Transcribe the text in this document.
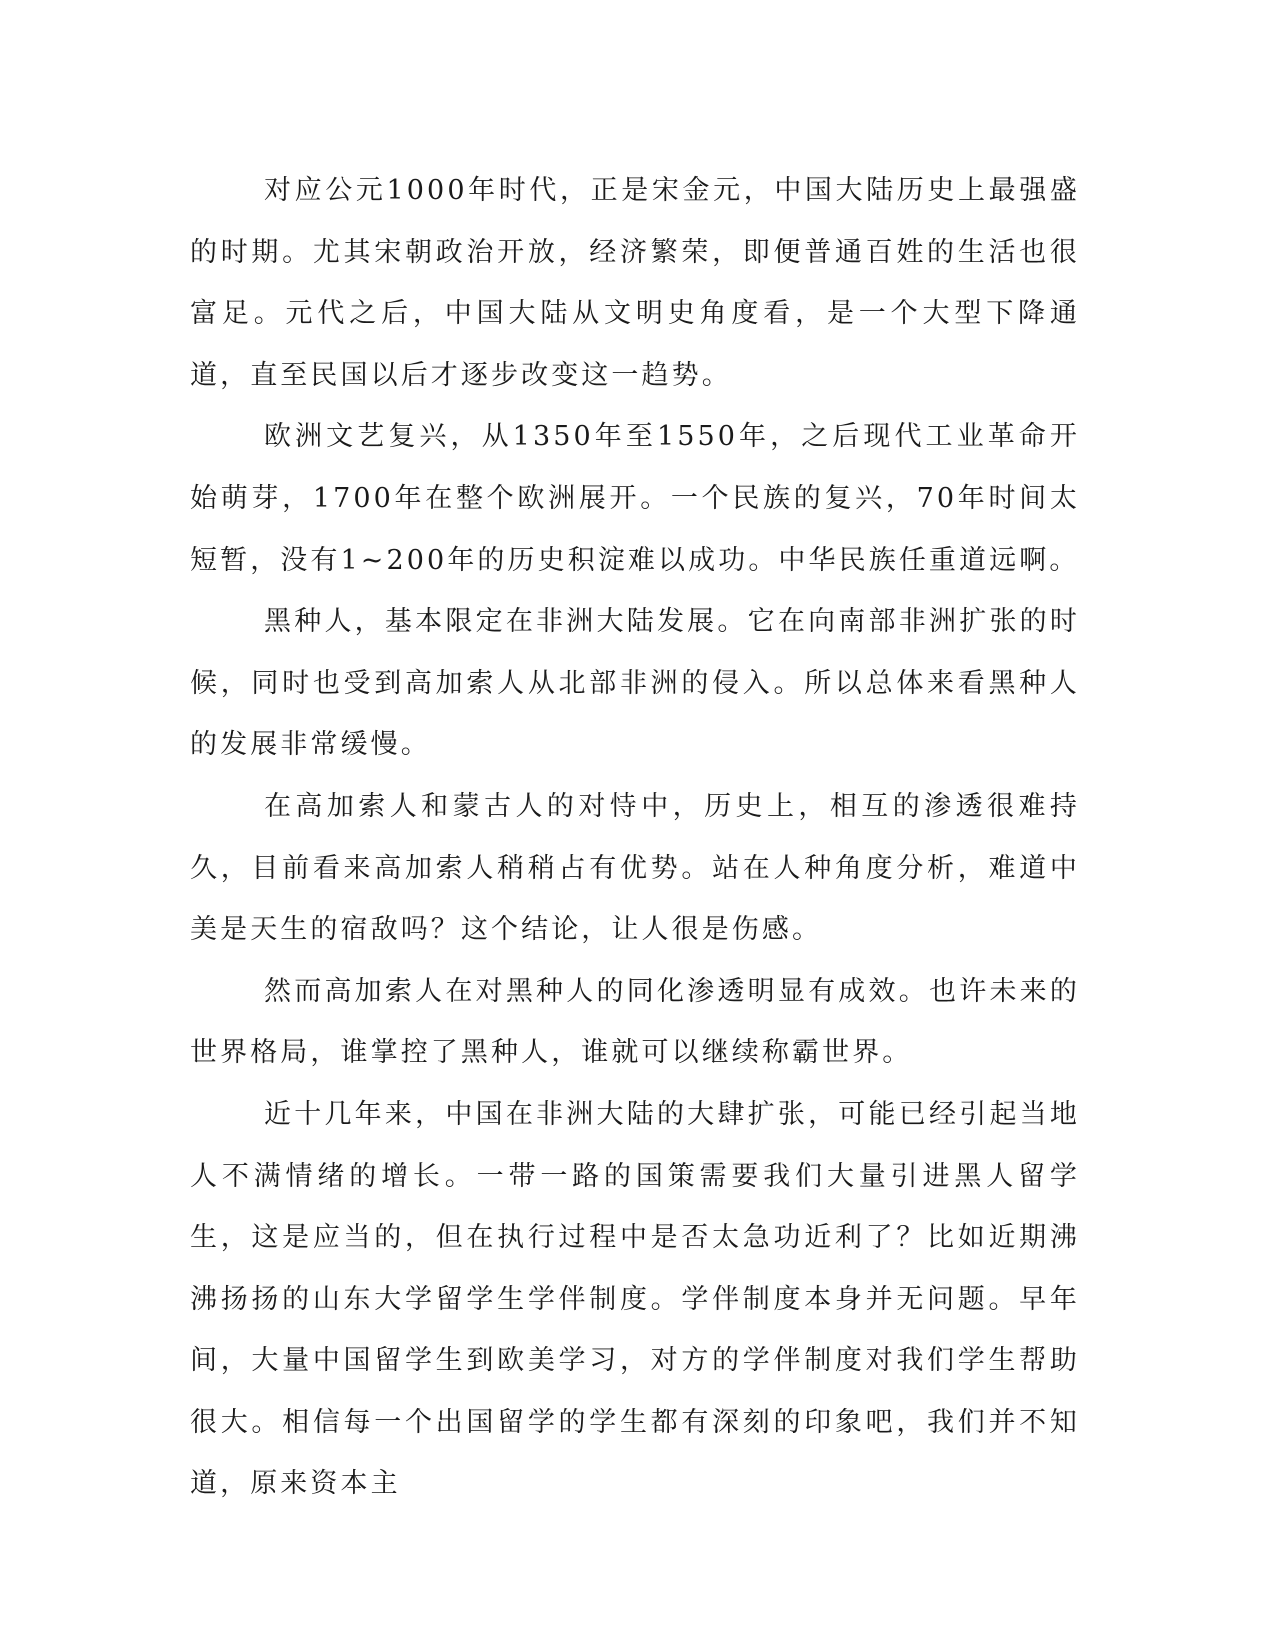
对应公元1000年时代，正是宋金元，中国大陆历史上最强盛的时期。尤其宋朝政治开放，经济繁荣，即便普通百姓的生活也很富足。元代之后，中国大陆从文明史角度看，是一个大型下降通道，直至民国以后才逐步改变这一趋势。

欧洲文艺复兴，从1350年至1550年，之后现代工业革命开始萌芽，1700年在整个欧洲展开。一个民族的复兴，70年时间太短暂，没有1~200年的历史积淀难以成功。中华民族任重道远啊。

黑种人，基本限定在非洲大陆发展。它在向南部非洲扩张的时候，同时也受到高加索人从北部非洲的侵入。所以总体来看黑种人的发展非常缓慢。

在高加索人和蒙古人的对恃中，历史上，相互的渗透很难持久，目前看来高加索人稍稍占有优势。站在人种角度分析，难道中美是天生的宿敌吗？这个结论，让人很是伤感。

然而高加索人在对黑种人的同化渗透明显有成效。也许未来的世界格局，谁掌控了黑种人，谁就可以继续称霸世界。

近十几年来，中国在非洲大陆的大肆扩张，可能已经引起当地人不满情绪的增长。一带一路的国策需要我们大量引进黑人留学生，这是应当的，但在执行过程中是否太急功近利了？比如近期沸沸扬扬的山东大学留学生学伴制度。学伴制度本身并无问题。早年间，大量中国留学生到欧美学习，对方的学伴制度对我们学生帮助很大。相信每一个出国留学的学生都有深刻的印象吧，我们并不知道，原来资本主
